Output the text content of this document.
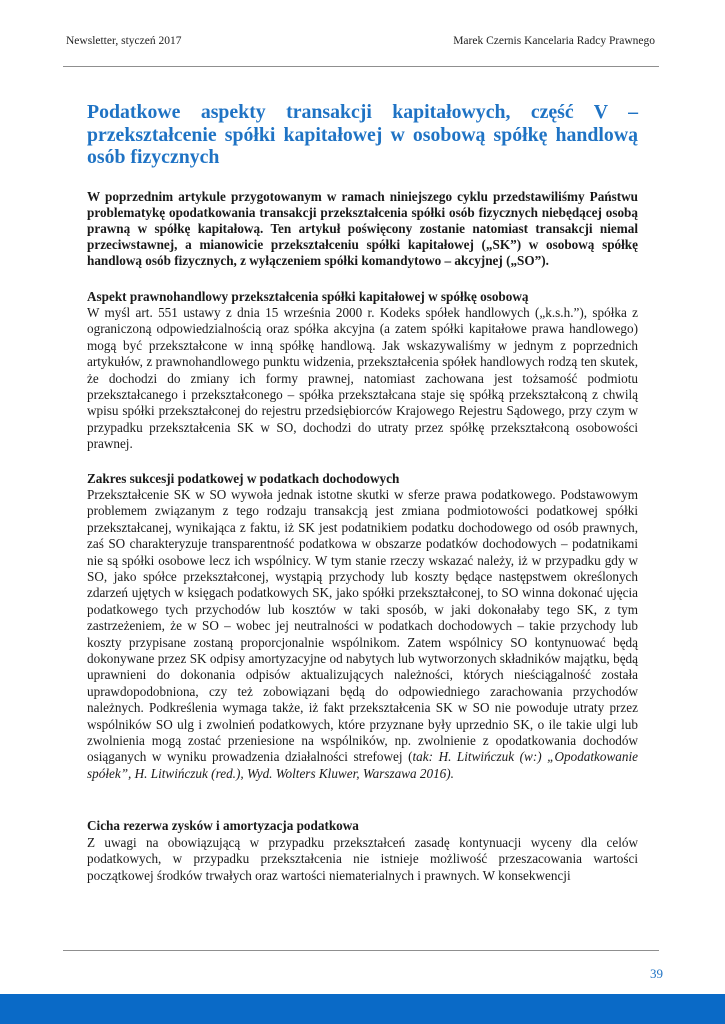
Newsletter, styczeń 2017	Marek Czernis Kancelaria Radcy Prawnego
Podatkowe aspekty transakcji kapitałowych, część V – przekształcenie spółki kapitałowej w osobową spółkę handlową osób fizycznych

W poprzednim artykule przygotowanym w ramach niniejszego cyklu przedstawiliśmy Państwu problematykę opodatkowania transakcji przekształcenia spółki osób fizycznych niebędącej osobą prawną w spółkę kapitałową. Ten artykuł poświęcony zostanie natomiast transakcji niemal przeciwstawnej, a mianowicie przekształceniu spółki kapitałowej („SK”) w osobową spółkę handlową osób fizycznych, z wyłączeniem spółki komandytowo – akcyjnej („SO”).

Aspekt prawnohandlowy przekształcenia spółki kapitałowej w spółkę osobową

W myśl art. 551 ustawy z dnia 15 września 2000 r. Kodeks spółek handlowych („k.s.h.”), spółka z ograniczoną odpowiedzialnością oraz spółka akcyjna (a zatem spółki kapitałowe prawa handlowego) mogą być przekształcone w inną spółkę handlową. Jak wskazywaliśmy w jednym z poprzednich artykułów, z prawnohandlowego punktu widzenia, przekształcenia spółek handlowych rodzą ten skutek, że dochodzi do zmiany ich formy prawnej, natomiast zachowana jest tożsamość podmiotu przekształcanego i przekształconego – spółka przekształcana staje się spółką przekształconą z chwilą wpisu spółki przekształconej do rejestru przedsiębiorców Krajowego Rejestru Sądowego, przy czym w przypadku przekształcenia SK w SO, dochodzi do utraty przez spółkę przekształconą osobowości prawnej.

Zakres sukcesji podatkowej w podatkach dochodowych

Przekształcenie SK w SO wywoła jednak istotne skutki w sferze prawa podatkowego. Podstawowym problemem związanym z tego rodzaju transakcją jest zmiana podmiotowości podatkowej spółki przekształcanej, wynikająca z faktu, iż SK jest podatnikiem podatku dochodowego od osób prawnych, zaś SO charakteryzuje transparentność podatkowa w obszarze podatków dochodowych – podatnikami nie są spółki osobowe lecz ich wspólnicy. W tym stanie rzeczy wskazać należy, iż w przypadku gdy w SO, jako spółce przekształconej, wystąpią przychody lub koszty będące następstwem określonych zdarzeń ujętych w księgach podatkowych SK, jako spółki przekształconej, to SO winna dokonać ujęcia podatkowego tych przychodów lub kosztów w taki sposób, w jaki dokonałaby tego SK, z tym zastrzeżeniem, że w SO – wobec jej neutralności w podatkach dochodowych – takie przychody lub koszty przypisane zostaną proporcjonalnie wspólnikom. Zatem wspólnicy SO kontynuować będą dokonywane przez SK odpisy amortyzacyjne od nabytych lub wytworzonych składników majątku, będą uprawnieni do dokonania odpisów aktualizujących należności, których nieściągalność została uprawdopodobniona, czy też zobowiązani będą do odpowiedniego zarachowania przychodów należnych. Podkreślenia wymaga także, iż fakt przekształcenia SK w SO nie powoduje utraty przez wspólników SO ulg i zwolnień podatkowych, które przyznane były uprzednio SK, o ile takie ulgi lub zwolnienia mogą zostać przeniesione na wspólników, np. zwolnienie z opodatkowania dochodów osiąganych w wyniku prowadzenia działalności strefowej (tak: H. Litwińczuk (w:) „Opodatkowanie spółek”, H. Litwińczuk (red.), Wyd. Wolters Kluwer, Warszawa 2016).

Cicha rezerwa zysków i amortyzacja podatkowa

Z uwagi na obowiązującą w przypadku przekształceń zasadę kontynuacji wyceny dla celów podatkowych, w przypadku przekształcenia nie istnieje możliwość przeszacowania wartości początkowej środków trwałych oraz wartości niematerialnych i prawnych. W konsekwencji

39
